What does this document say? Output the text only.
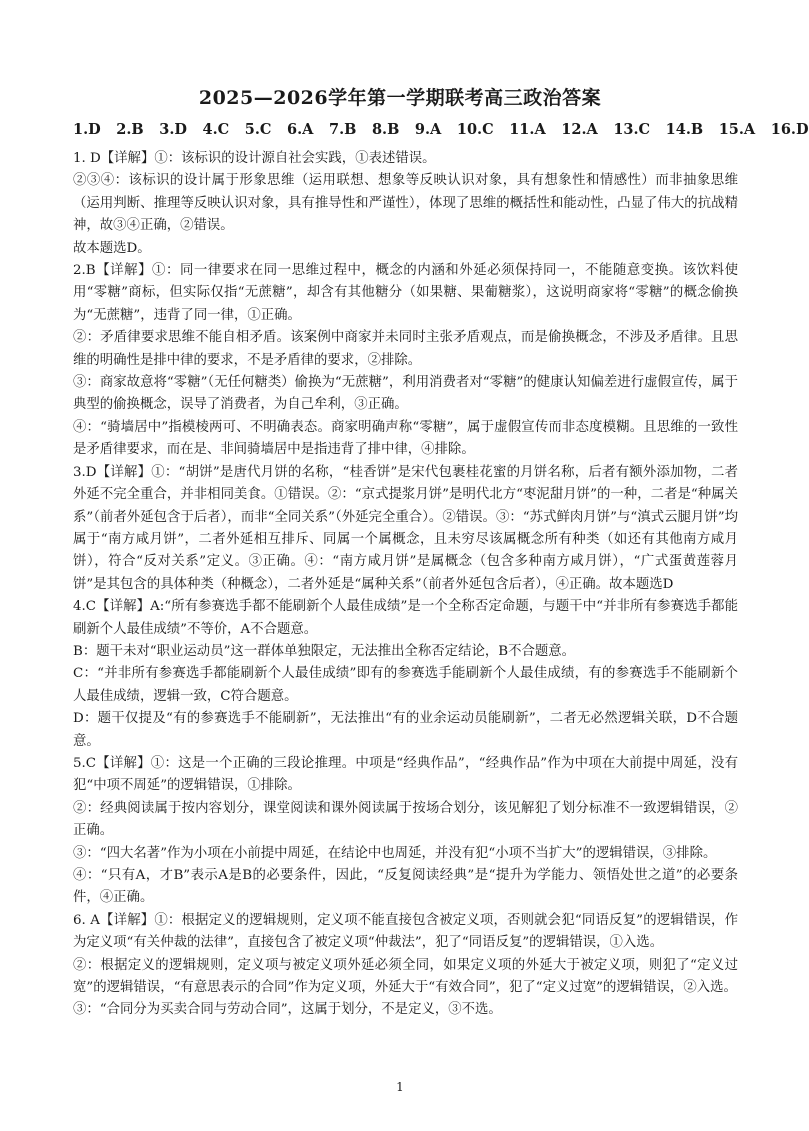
2025—2026学年第一学期联考高三政治答案
1.D 2.B 3.D 4.C 5.C 6.A 7.B 8.B 9.A 10.C 11.A 12.A 13.C 14.B 15.A 16.D

1. D【详解】①：该标识的设计源自社会实践，①表述错误。

②③④：该标识的设计属于形象思维（运用联想、想象等反映认识对象，具有想象性和情感性）而非抽象思维（运用判断、推理等反映认识对象，具有推导性和严谨性），体现了思维的概括性和能动性，凸显了伟大的抗战精神，故③④正确，②错误。

故本题选D。

2.B【详解】①：同一律要求在同一思维过程中，概念的内涵和外延必须保持同一，不能随意变换。该饮料使用“零糖”商标，但实际仅指“无蔗糖”，却含有其他糖分（如果糖、果葡糖浆），这说明商家将“零糖”的概念偷换为“无蔗糖”，违背了同一律，①正确。

②：矛盾律要求思维不能自相矛盾。该案例中商家并未同时主张矛盾观点，而是偷换概念，不涉及矛盾律。且思维的明确性是排中律的要求，不是矛盾律的要求，②排除。

③：商家故意将“零糖”（无任何糖类）偷换为“无蔗糖”，利用消费者对“零糖”的健康认知偏差进行虚假宣传，属于典型的偷换概念，误导了消费者，为自己牟利，③正确。

④：“骑墙居中”指模棱两可、不明确表态。商家明确声称“零糖”，属于虚假宣传而非态度模糊。且思维的一致性是矛盾律要求，而在是、非间骑墙居中是指违背了排中律，④排除。

3.D【详解】①：“胡饼”是唐代月饼的名称，“桂香饼”是宋代包裹桂花蜜的月饼名称，后者有额外添加物，二者外延不完全重合，并非相同美食。①错误。②：“京式提浆月饼”是明代北方“枣泥甜月饼”的一种，二者是“种属关系”（前者外延包含于后者），而非“全同关系”（外延完全重合）。②错误。③：“苏式鲜肉月饼”与“滇式云腿月饼”均属于“南方咸月饼”，二者外延相互排斥、同属一个属概念，且未穷尽该属概念所有种类（如还有其他南方咸月饼），符合“反对关系”定义。③正确。④：“南方咸月饼”是属概念（包含多种南方咸月饼），“广式蛋黄莲蓉月饼”是其包含的具体种类（种概念），二者外延是“属种关系”（前者外延包含后者），④正确。故本题选D

4.C【详解】A:“所有参赛选手都不能刷新个人最佳成绩”是一个全称否定命题，与题干中“并非所有参赛选手都能刷新个人最佳成绩”不等价，A不合题意。

B：题干未对“职业运动员”这一群体单独限定，无法推出全称否定结论，B不合题意。

C：“并非所有参赛选手都能刷新个人最佳成绩”即有的参赛选手能刷新个人最佳成绩，有的参赛选手不能刷新个人最佳成绩，逻辑一致，C符合题意。

D：题干仅提及“有的参赛选手不能刷新”，无法推出“有的业余运动员能刷新”，二者无必然逻辑关联，D不合题意。

5.C【详解】①：这是一个正确的三段论推理。中项是“经典作品”，“经典作品”作为中项在大前提中周延，没有犯“中项不周延”的逻辑错误，①排除。

②：经典阅读属于按内容划分，课堂阅读和课外阅读属于按场合划分，该见解犯了划分标准不一致逻辑错误，②正确。

③：“四大名著”作为小项在小前提中周延，在结论中也周延，并没有犯“小项不当扩大”的逻辑错误，③排除。

④：“只有A，才B”表示A是B的必要条件，因此，“反复阅读经典”是“提升为学能力、领悟处世之道”的必要条件，④正确。

6. A【详解】①：根据定义的逻辑规则，定义项不能直接包含被定义项，否则就会犯“同语反复”的逻辑错误，作为定义项“有关仲裁的法律”，直接包含了被定义项“仲裁法”，犯了“同语反复”的逻辑错误，①入选。

②：根据定义的逻辑规则，定义项与被定义项外延必须全同，如果定义项的外延大于被定义项，则犯了“定义过宽”的逻辑错误，“有意思表示的合同”作为定义项，外延大于“有效合同”，犯了“定义过宽”的逻辑错误，②入选。

③：“合同分为买卖合同与劳动合同”，这属于划分，不是定义，③不选。

1
